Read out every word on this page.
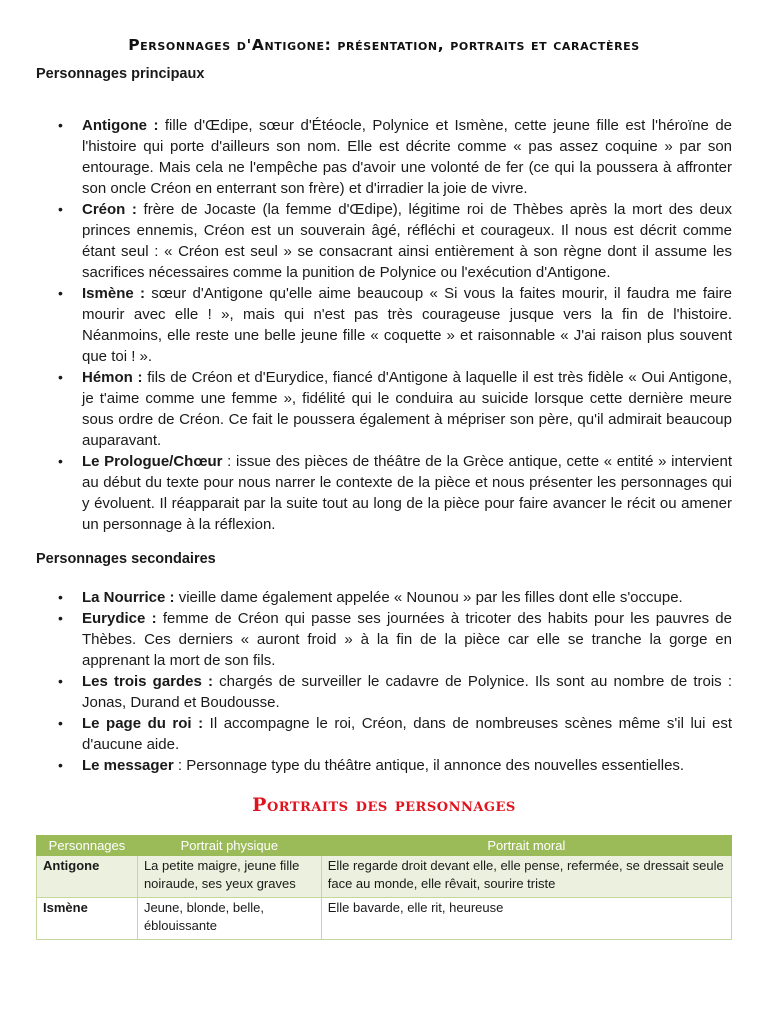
Personnages d'Antigone: présentation, portraits et caractères
Personnages principaux
• Antigone : fille d'Œdipe, sœur d'Étéocle, Polynice et Ismène, cette jeune fille est l'héroïne de l'histoire qui porte d'ailleurs son nom. Elle est décrite comme « pas assez coquine » par son entourage. Mais cela ne l'empêche pas d'avoir une volonté de fer (ce qui la poussera à affronter son oncle Créon en enterrant son frère) et d'irradier la joie de vivre.
• Créon : frère de Jocaste (la femme d'Œdipe), légitime roi de Thèbes après la mort des deux princes ennemis, Créon est un souverain âgé, réfléchi et courageux. Il nous est décrit comme étant seul : « Créon est seul » se consacrant ainsi entièrement à son règne dont il assume les sacrifices nécessaires comme la punition de Polynice ou l'exécution d'Antigone.
• Ismène : sœur d'Antigone qu'elle aime beaucoup « Si vous la faites mourir, il faudra me faire mourir avec elle ! », mais qui n'est pas très courageuse jusque vers la fin de l'histoire. Néanmoins, elle reste une belle jeune fille « coquette » et raisonnable « J'ai raison plus souvent que toi ! ».
• Hémon : fils de Créon et d'Eurydice, fiancé d'Antigone à laquelle il est très fidèle « Oui Antigone, je t'aime comme une femme », fidélité qui le conduira au suicide lorsque cette dernière meure sous ordre de Créon. Ce fait le poussera également à mépriser son père, qu'il admirait beaucoup auparavant.
• Le Prologue/Chœur : issue des pièces de théâtre de la Grèce antique, cette « entité » intervient au début du texte pour nous narrer le contexte de la pièce et nous présenter les personnages qui y évoluent. Il réapparait par la suite tout au long de la pièce pour faire avancer le récit ou amener un personnage à la réflexion.
Personnages secondaires
• La Nourrice : vieille dame également appelée « Nounou » par les filles dont elle s'occupe.
• Eurydice : femme de Créon qui passe ses journées à tricoter des habits pour les pauvres de Thèbes. Ces derniers « auront froid » à la fin de la pièce car elle se tranche la gorge en apprenant la mort de son fils.
• Les trois gardes : chargés de surveiller le cadavre de Polynice. Ils sont au nombre de trois : Jonas, Durand et Boudousse.
• Le page du roi : Il accompagne le roi, Créon, dans de nombreuses scènes même s'il lui est d'aucune aide.
• Le messager : Personnage type du théâtre antique, il annonce des nouvelles essentielles.
Portraits des personnages
Personnages	Portrait physique	Portrait moral
Antigone	La petite maigre, jeune fille noiraude, ses yeux graves	Elle regarde droit devant elle, elle pense, refermée, se dressait seule face au monde, elle rêvait, sourire triste
Ismène	Jeune, blonde, belle, éblouissante	Elle bavarde, elle rit, heureuse
